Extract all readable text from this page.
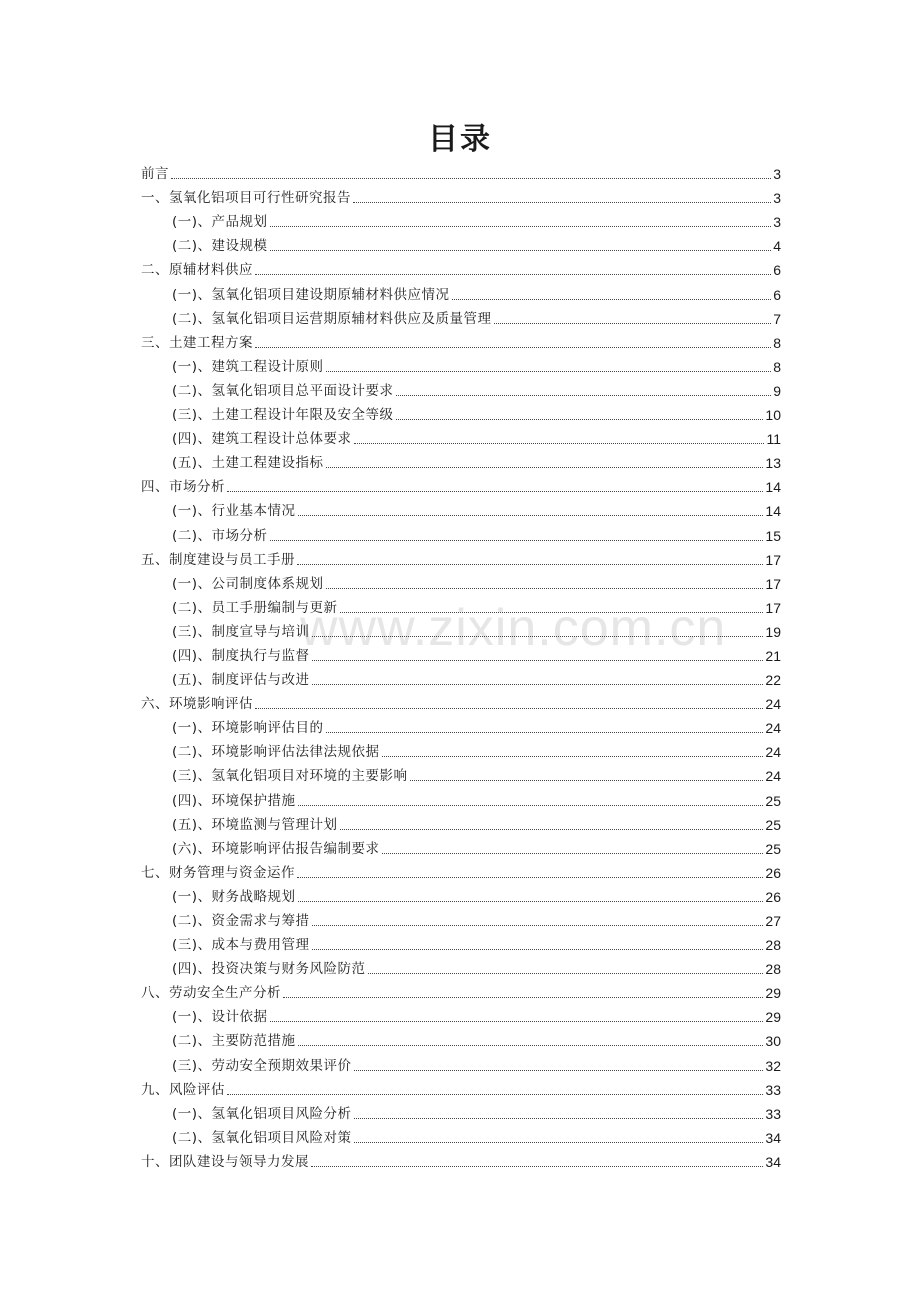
目录
www.zixin.com.cn
前言	3
一、氢氧化铝项目可行性研究报告	3
(一)、产品规划	3
(二)、建设规模	4
二、原辅材料供应	6
(一)、氢氧化铝项目建设期原辅材料供应情况	6
(二)、氢氧化铝项目运营期原辅材料供应及质量管理	7
三、土建工程方案	8
(一)、建筑工程设计原则	8
(二)、氢氧化铝项目总平面设计要求	9
(三)、土建工程设计年限及安全等级	10
(四)、建筑工程设计总体要求	11
(五)、土建工程建设指标	13
四、市场分析	14
(一)、行业基本情况	14
(二)、市场分析	15
五、制度建设与员工手册	17
(一)、公司制度体系规划	17
(二)、员工手册编制与更新	17
(三)、制度宣导与培训	19
(四)、制度执行与监督	21
(五)、制度评估与改进	22
六、环境影响评估	24
(一)、环境影响评估目的	24
(二)、环境影响评估法律法规依据	24
(三)、氢氧化铝项目对环境的主要影响	24
(四)、环境保护措施	25
(五)、环境监测与管理计划	25
(六)、环境影响评估报告编制要求	25
七、财务管理与资金运作	26
(一)、财务战略规划	26
(二)、资金需求与筹措	27
(三)、成本与费用管理	28
(四)、投资决策与财务风险防范	28
八、劳动安全生产分析	29
(一)、设计依据	29
(二)、主要防范措施	30
(三)、劳动安全预期效果评价	32
九、风险评估	33
(一)、氢氧化铝项目风险分析	33
(二)、氢氧化铝项目风险对策	34
十、团队建设与领导力发展	34
